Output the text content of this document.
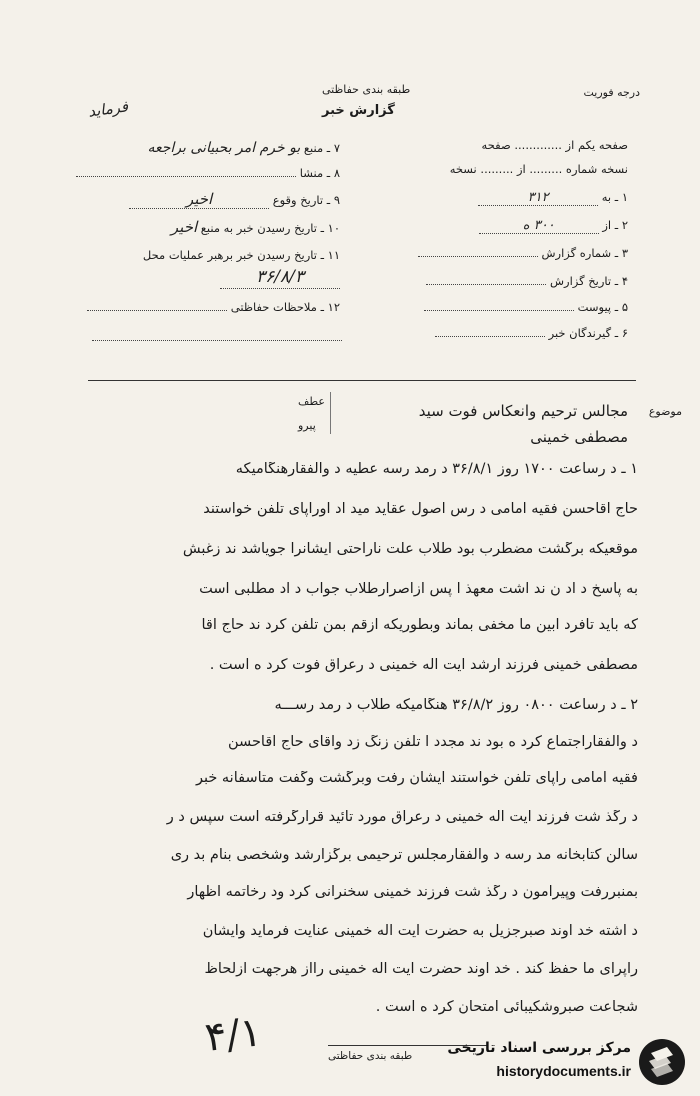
طبقه بندی حفاظتی
گزارش خبر
درجه فوریت
فرماید
صفحه یکم از ............. صفحه
نسخه شماره ......... از ......... نسخه
۱ ـ به ۳۱۲
۲ ـ از ۳۰۰ ه
۳ ـ شماره گزارش
۴ ـ تاریخ گزارش
۵ ـ پیوست
۶ ـ گیرندگان خبر
۷ ـ منبع بو خرم امر بحبیانی براجعه
۸ ـ منشا
۹ ـ تاریخ وقوع اخیر
۱۰ ـ تاریخ رسیدن خبر به منبع اخیر
۱۱ ـ تاریخ رسیدن خبر برهبر عملیات محل ۳۶/۸/۳
۱۲ ـ ملاحظات حفاظتی
موضوع
مجالس ترحیم وانعکاس فوت سید مصطفی خمینی
عطف
پیرو
۱ ـ د رساعت ۱۷۰۰ روز ۳۶/۸/۱ د رمد رسه عطیه د والفقارهنگامیکه
حاج آقاحسن فقیه امامی د رس اصول عقاید مید اد اوراپای تلفن خواستند
موقعیکه برگشت مضطرب بود طلاب علت ناراحتی ایشانرا جویاشد ند زغبش
به پاسخ د اد ن ند اشت معهذ ا پس ازاصرارطلاب جواب د اد مطلبی است
که باید تافرد ابین ما مخفی بماند وبطوریکه ازقم بمن تلفن کرد ند حاج آقا
مصطفی خمینی فرزند ارشد آیت اله خمینی د رعراق فوت کرد ه است .
۲ ـ د رساعت ۰۸۰۰ روز ۳۶/۸/۲ هنگامیکه طلاب د رمد رســـه
د والفقاراجتماع کرد ه بود ند مجدد ا تلفن زنگ زد وآقای حاج آقاحسن
فقیه امامی راپای تلفن خواستند ایشان رفت وبرگشت وگفت متاسفانه خبر
د رگذ شت فرزند آیت اله خمینی د رعراق مورد تائید قرارگرفته است سپس د ر
سالن کتابخانه مد رسه د والفقارمجلس ترحیمی برگزارشد وشخصی بنام بد ری
بمنبررفت وپیرامون د رگذ شت فرزند خمینی سخنرانی کرد ود رخاتمه اظهار
د اشته خد اوند صبرجزیل به حضرت آیت اله خمینی عنایت فرماید وایشان
راپرای ما حفظ کند . خد اوند حضرت آیت اله خمینی رااز هرجهت ازلحاظ
شجاعت صبروشکیبائی امتحان کرد ه است .
۴/۱	طبقه بندی حفاظتی	مرکز بررسی اسناد تاریخی
historydocuments.ir
